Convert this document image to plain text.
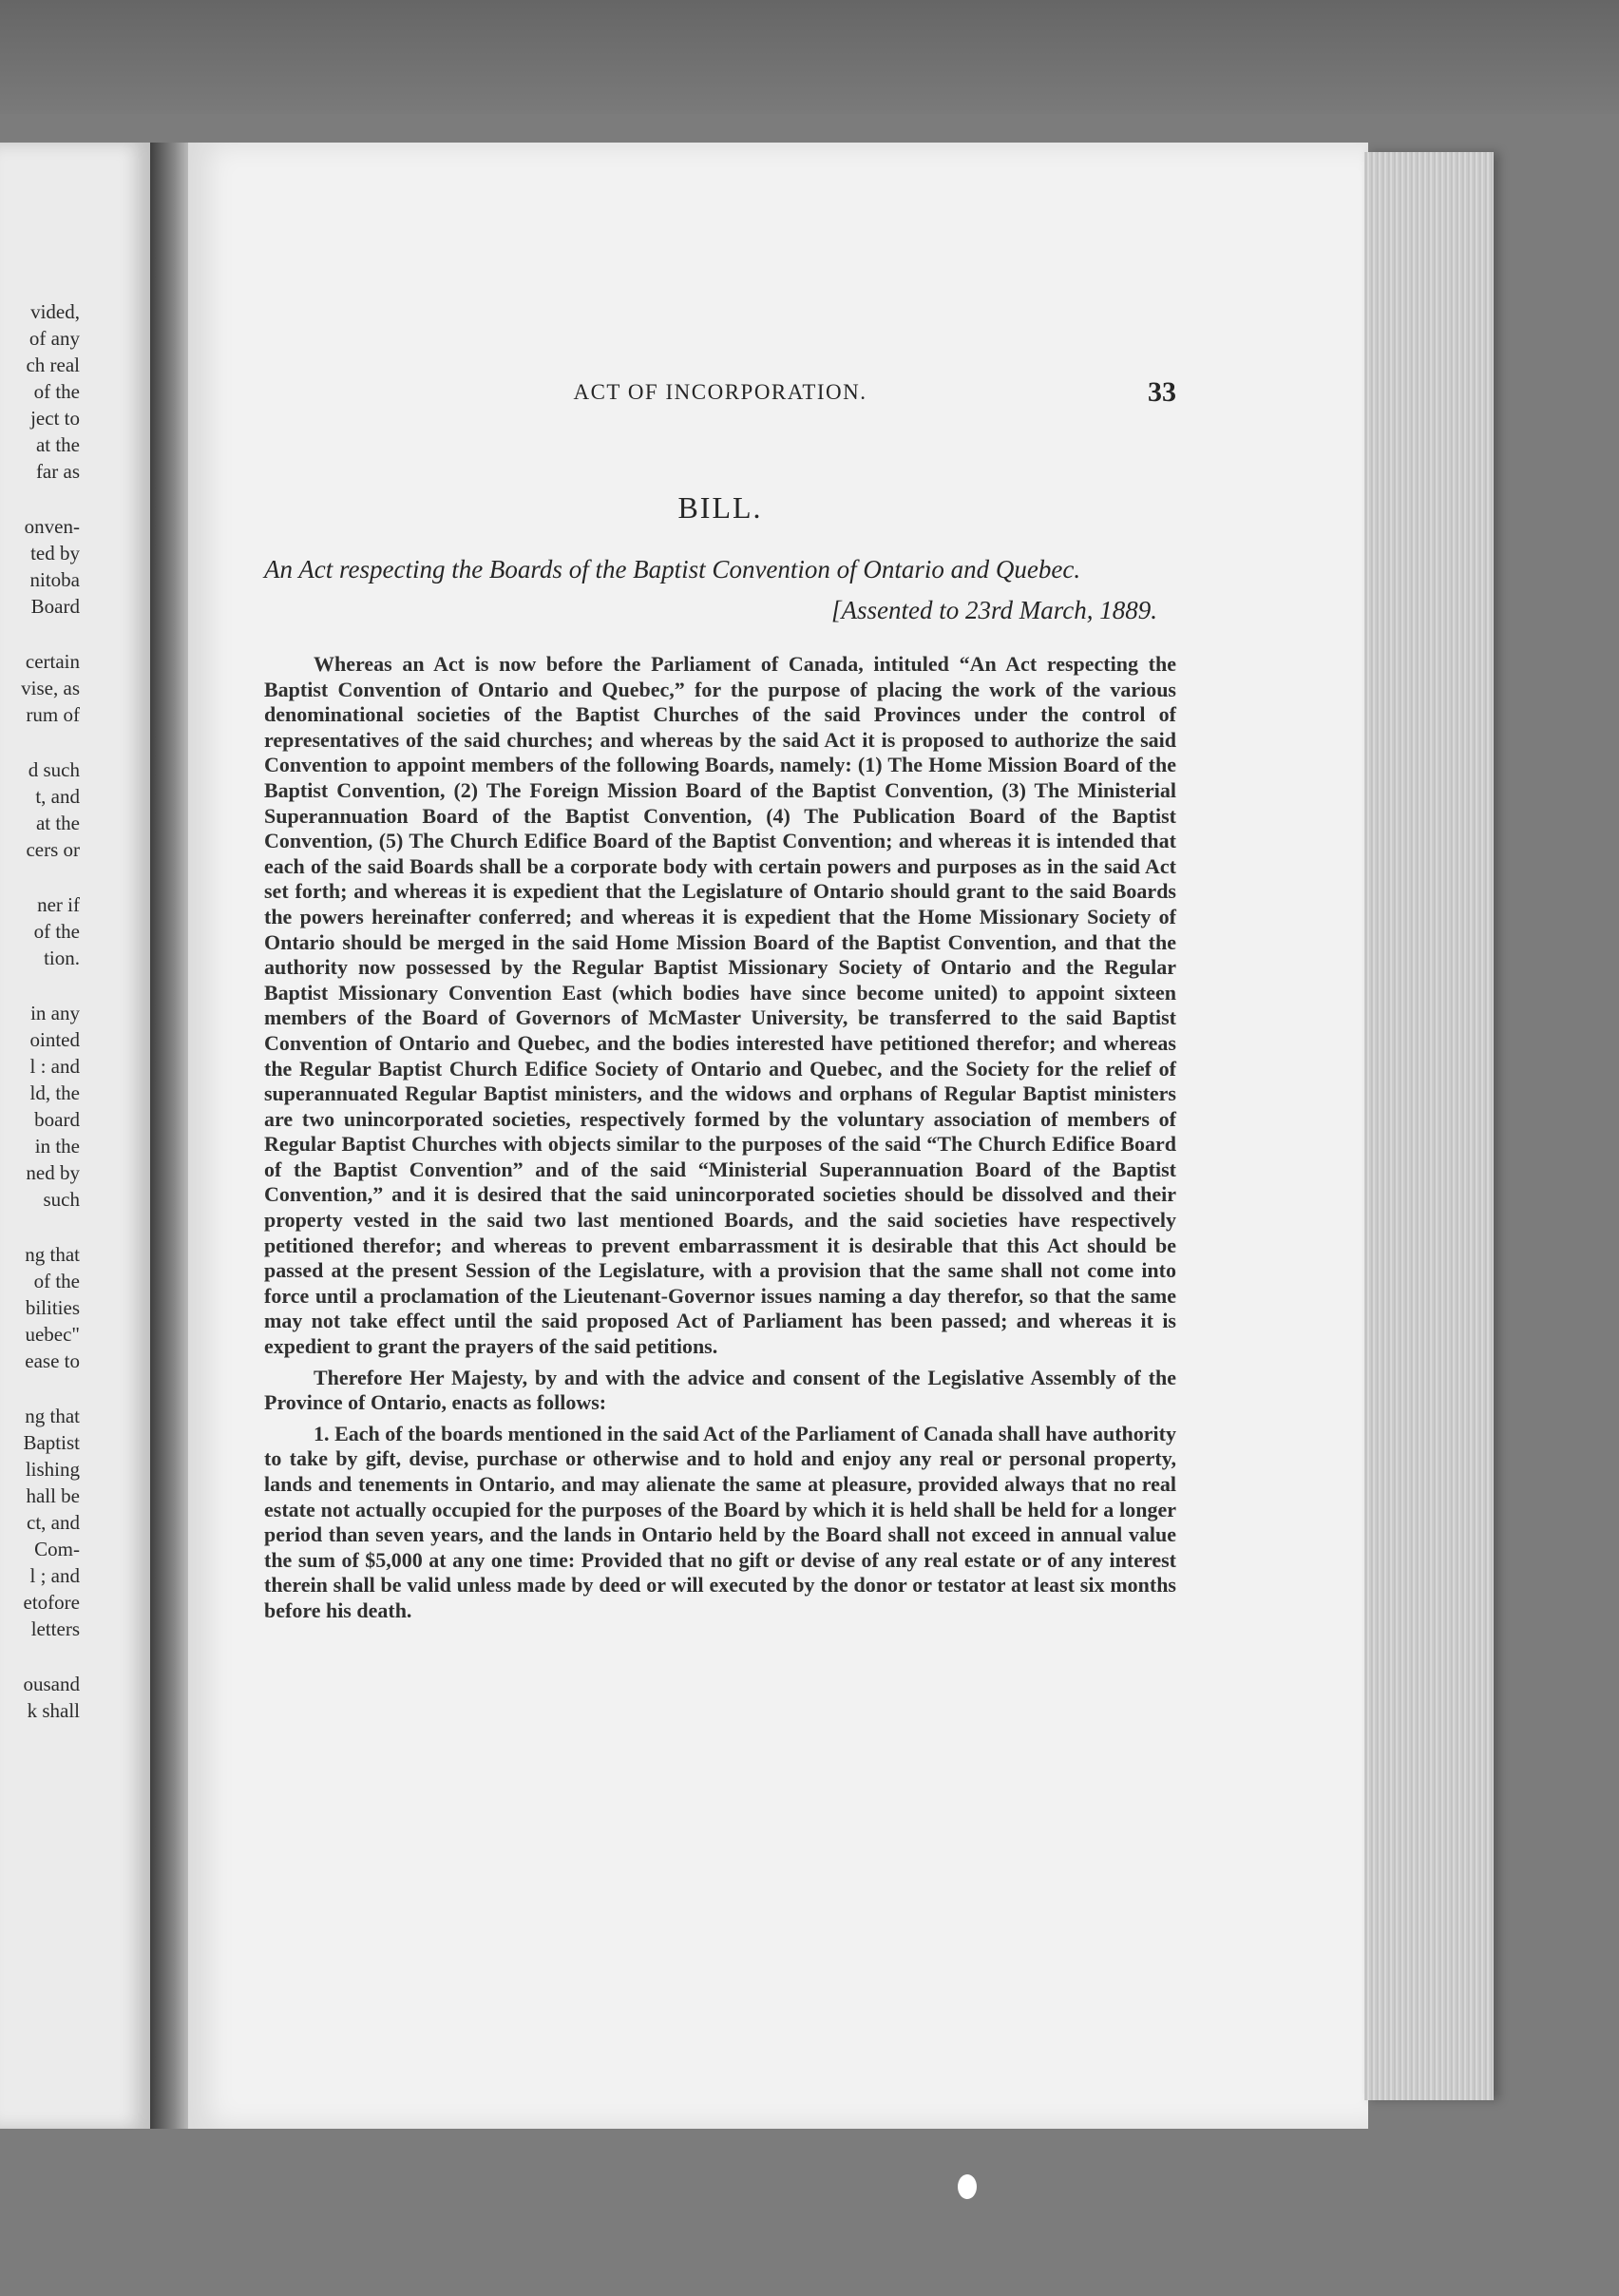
vided,
of any
ch real
of the
ject to
at the
far as
onven-
ted by
nitoba
Board
certain
vise, as
rum of
d such
t, and
at the
cers or
ner if
of the
tion.
in any
ointed
l : and
ld, the
board
in the
ned by
such
ng that
of the
bilities
uebec"
ease to
ng that
Baptist
lishing
hall be
ct, and
Com-
l ; and
etofore
letters
ousand
k shall
ACT OF INCORPORATION.	33
BILL.
An Act respecting the Boards of the Baptist Convention of Ontario and Quebec.
[Assented to 23rd March, 1889.

Whereas an Act is now before the Parliament of Canada, intituled “An Act respecting the Baptist Convention of Ontario and Quebec,” for the purpose of placing the work of the various denominational societies of the Baptist Churches of the said Provinces under the control of representatives of the said churches; and whereas by the said Act it is proposed to authorize the said Convention to appoint members of the following Boards, namely: (1) The Home Mission Board of the Baptist Convention, (2) The Foreign Mission Board of the Baptist Convention, (3) The Ministerial Superannuation Board of the Baptist Convention, (4) The Publication Board of the Baptist Convention, (5) The Church Edifice Board of the Baptist Convention; and whereas it is intended that each of the said Boards shall be a corporate body with certain powers and purposes as in the said Act set forth; and whereas it is expedient that the Legislature of Ontario should grant to the said Boards the powers hereinafter conferred; and whereas it is expedient that the Home Missionary Society of Ontario should be merged in the said Home Mission Board of the Baptist Convention, and that the authority now possessed by the Regular Baptist Missionary Society of Ontario and the Regular Baptist Missionary Convention East (which bodies have since become united) to appoint sixteen members of the Board of Governors of McMaster University, be transferred to the said Baptist Convention of Ontario and Quebec, and the bodies interested have petitioned therefor; and whereas the Regular Baptist Church Edifice Society of Ontario and Quebec, and the Society for the relief of superannuated Regular Baptist ministers, and the widows and orphans of Regular Baptist ministers are two unincorporated societies, respectively formed by the voluntary association of members of Regular Baptist Churches with objects similar to the purposes of the said “The Church Edifice Board of the Baptist Convention” and of the said “Ministerial Superannuation Board of the Baptist Convention,” and it is desired that the said unincorporated societies should be dissolved and their property vested in the said two last mentioned Boards, and the said societies have respectively petitioned therefor; and whereas to prevent embarrassment it is desirable that this Act should be passed at the present Session of the Legislature, with a provision that the same shall not come into force until a proclamation of the Lieutenant-Governor issues naming a day therefor, so that the same may not take effect until the said proposed Act of Parliament has been passed; and whereas it is expedient to grant the prayers of the said petitions.

Therefore Her Majesty, by and with the advice and consent of the Legislative Assembly of the Province of Ontario, enacts as follows:

1. Each of the boards mentioned in the said Act of the Parliament of Canada shall have authority to take by gift, devise, purchase or otherwise and to hold and enjoy any real or personal property, lands and tenements in Ontario, and may alienate the same at pleasure, provided always that no real estate not actually occupied for the purposes of the Board by which it is held shall be held for a longer period than seven years, and the lands in Ontario held by the Board shall not exceed in annual value the sum of $5,000 at any one time: Provided that no gift or devise of any real estate or of any interest therein shall be valid unless made by deed or will executed by the donor or testator at least six months before his death.
